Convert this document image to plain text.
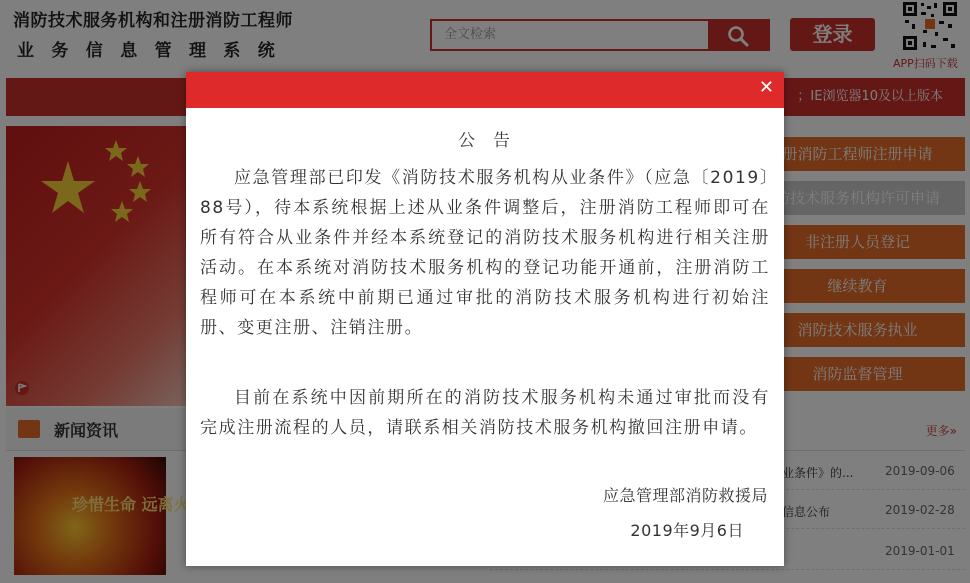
✕
公告

应急管理部已印发《消防技术服务机构从业条件》（应急〔2019〕88号），待本系统根据上述从业条件调整后，注册消防工程师即可在所有符合从业条件并经本系统登记的消防技术服务机构进行相关注册活动。在本系统对消防技术服务机构的登记功能开通前，注册消防工程师可在本系统中前期已通过审批的消防技术服务机构进行初始注册、变更注册、注销注册。

目前在系统中因前期所在的消防技术服务机构未通过审批而没有完成注册流程的人员，请联系相关消防技术服务机构撤回注册申请。

应急管理部消防救援局
2019年9月6日
